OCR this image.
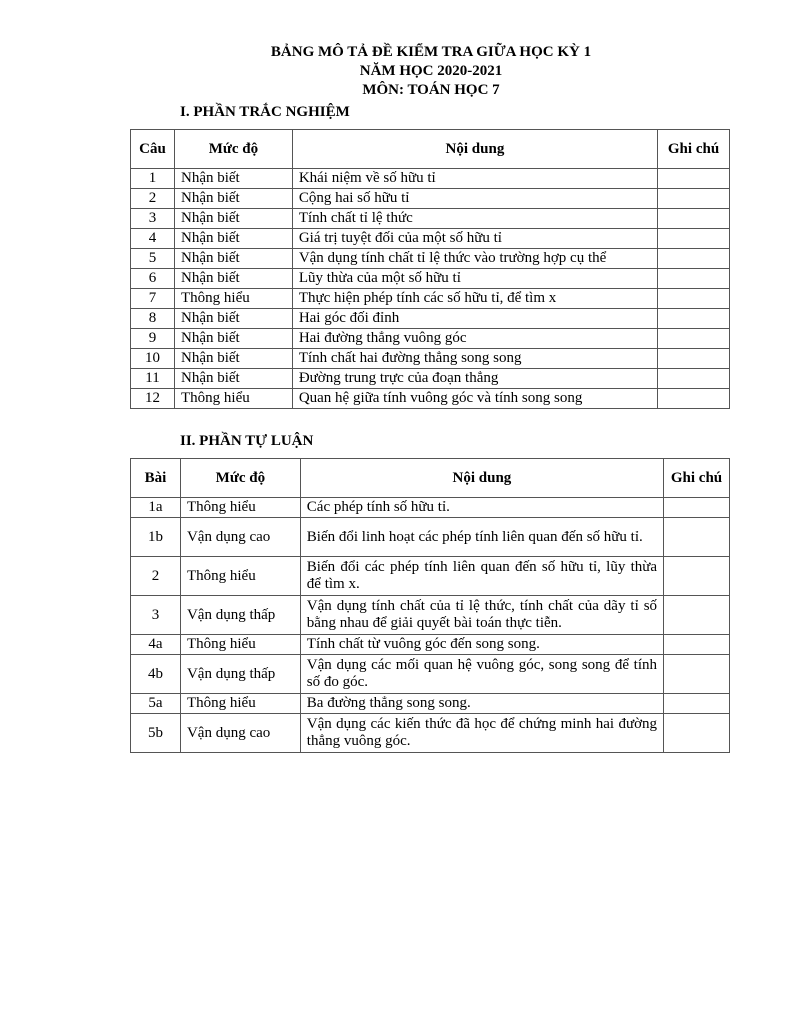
BẢNG MÔ TẢ ĐỀ KIỂM TRA GIỮA HỌC KỲ 1
NĂM HỌC 2020-2021
MÔN: TOÁN HỌC 7
I. PHẦN TRẮC NGHIỆM
Câu	Mức độ	Nội dung	Ghi chú
1	Nhận biết	Khái niệm về số hữu tỉ	
2	Nhận biết	Cộng hai số hữu tỉ	
3	Nhận biết	Tính chất tỉ lệ thức	
4	Nhận biết	Giá trị tuyệt đối của một số hữu tỉ	
5	Nhận biết	Vận dụng tính chất tỉ lệ thức vào trường hợp cụ thể	
6	Nhận biết	Lũy thừa của một số hữu tỉ	
7	Thông hiểu	Thực hiện phép tính các số hữu tỉ, để tìm x	
8	Nhận biết	Hai góc đối đỉnh	
9	Nhận biết	Hai đường thẳng vuông góc	
10	Nhận biết	Tính chất hai đường thẳng song song	
11	Nhận biết	Đường trung trực của đoạn thẳng	
12	Thông hiểu	Quan hệ giữa tính vuông góc và tính song song	
II. PHẦN TỰ LUẬN
Bài	Mức độ	Nội dung	Ghi chú
1a	Thông hiểu	Các phép tính số hữu tỉ.	
1b	Vận dụng cao	Biến đổi linh hoạt các phép tính liên quan đến số hữu tỉ.	
2	Thông hiểu	Biến đổi các phép tính liên quan đến số hữu tỉ, lũy thừa để tìm x.	
3	Vận dụng thấp	Vận dụng tính chất của tỉ lệ thức, tính chất của dãy tỉ số bằng nhau để giải quyết bài toán thực tiễn.	
4a	Thông hiểu	Tính chất từ vuông góc đến song song.	
4b	Vận dụng thấp	Vận dụng các mối quan hệ vuông góc, song song để tính số đo góc.	
5a	Thông hiểu	Ba đường thẳng song song.	
5b	Vận dụng cao	Vận dụng các kiến thức đã học để chứng minh hai đường thẳng vuông góc.	
